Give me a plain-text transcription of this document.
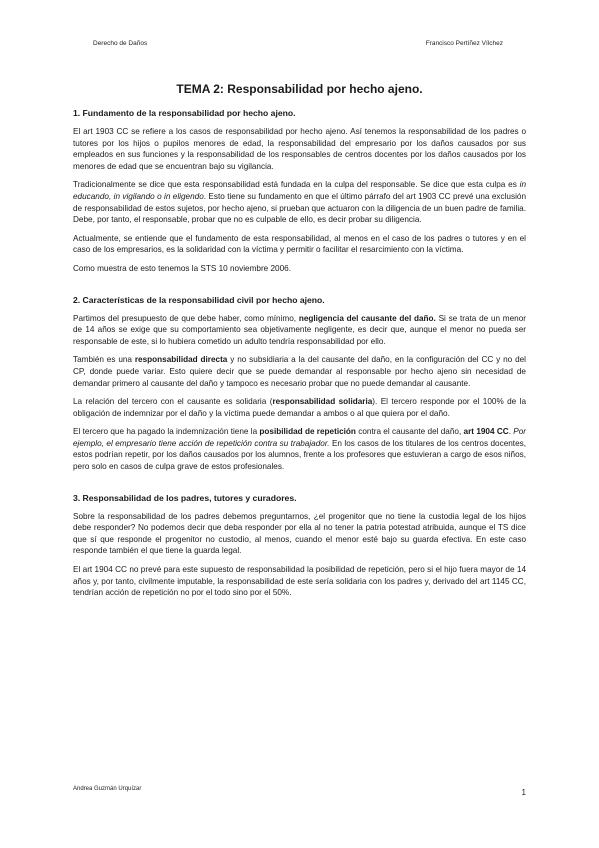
Derecho de Daños	Francisco Pertíñez Vílchez
TEMA 2: Responsabilidad por hecho ajeno.
1. Fundamento de la responsabilidad por hecho ajeno.

El art 1903 CC se refiere a los casos de responsabilidad por hecho ajeno. Así tenemos la responsabilidad de los padres o tutores por los hijos o pupilos menores de edad, la responsabilidad del empresario por los daños causados por sus empleados en sus funciones y la responsabilidad de los responsables de centros docentes por los daños causados por los menores de edad que se encuentran bajo su vigilancia.

Tradicionalmente se dice que esta responsabilidad está fundada en la culpa del responsable. Se dice que esta culpa es in educando, in vigilando o in eligendo. Esto tiene su fundamento en que el último párrafo del art 1903 CC prevé una exclusión de responsabilidad de estos sujetos, por hecho ajeno, si prueban que actuaron con la diligencia de un buen padre de familia. Debe, por tanto, el responsable, probar que no es culpable de ello, es decir probar su diligencia.

Actualmente, se entiende que el fundamento de esta responsabilidad, al menos en el caso de los padres o tutores y en el caso de los empresarios, es la solidaridad con la víctima y permitir o facilitar el resarcimiento con la víctima.

Como muestra de esto tenemos la STS 10 noviembre 2006.

2. Características de la responsabilidad civil por hecho ajeno.

Partimos del presupuesto de que debe haber, como mínimo, negligencia del causante del daño. Si se trata de un menor de 14 años se exige que su comportamiento sea objetivamente negligente, es decir que, aunque el menor no pueda ser responsable de este, si lo hubiera cometido un adulto tendría responsabilidad por ello.

También es una responsabilidad directa y no subsidiaria a la del causante del daño, en la configuración del CC y no del CP, donde puede variar. Esto quiere decir que se puede demandar al responsable por hecho ajeno sin necesidad de demandar primero al causante del daño y tampoco es necesario probar que no puede demandar al causante.

La relación del tercero con el causante es solidaria (responsabilidad solidaria). El tercero responde por el 100% de la obligación de indemnizar por el daño y la víctima puede demandar a ambos o al que quiera por el daño.

El tercero que ha pagado la indemnización tiene la posibilidad de repetición contra el causante del daño, art 1904 CC. Por ejemplo, el empresario tiene acción de repetición contra su trabajador. En los casos de los titulares de los centros docentes, estos podrían repetir, por los daños causados por los alumnos, frente a los profesores que estuvieran a cargo de esos niños, pero solo en casos de culpa grave de estos profesionales.

3. Responsabilidad de los padres, tutores y curadores.

Sobre la responsabilidad de los padres debemos preguntarnos, ¿el progenitor que no tiene la custodia legal de los hijos debe responder? No podemos decir que deba responder por ella al no tener la patria potestad atribuida, aunque el TS dice que sí que responde el progenitor no custodio, al menos, cuando el menor esté bajo su guarda efectiva. En este caso responde también el que tiene la guarda legal.

El art 1904 CC no prevé para este supuesto de responsabilidad la posibilidad de repetición, pero si el hijo fuera mayor de 14 años y, por tanto, civilmente imputable, la responsabilidad de este sería solidaria con los padres y, derivado del art 1145 CC, tendrían acción de repetición no por el todo sino por el 50%.

Andrea Guzmán Urquízar	1
